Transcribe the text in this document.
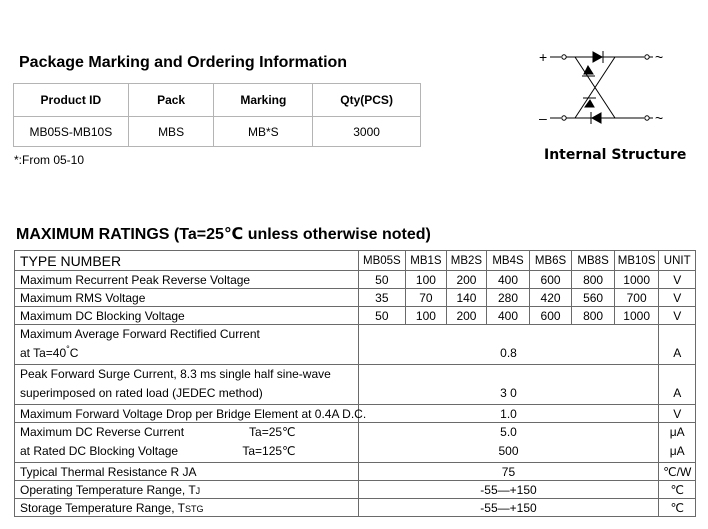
Package Marking and Ordering Information
Product ID	Pack	Marking	Qty(PCS)
MB05S-MB10S	MBS	MB*S	3000
*:From 05-10
+	~
–	~
Internal Structure
MAXIMUM RATINGS (Ta=25℃ unless otherwise noted)
TYPE NUMBER	MB05S	MB1S	MB2S	MB4S	MB6S	MB8S	MB10S	UNIT
Maximum Recurrent Peak Reverse Voltage	50	100	200	400	600	800	1000	V
Maximum RMS Voltage	35	70	140	280	420	560	700	V
Maximum DC Blocking Voltage	50	100	200	400	600	800	1000	V
Maximum Average Forward Rectified Current								
at Ta=40°C	0.8							A
Peak Forward Surge Current, 8.3 ms single half sine-wave								
superimposed on rated load (JEDEC method)	3 0							A
Maximum Forward Voltage Drop per Bridge Element at 0.4A D.C.	1.0							V

Maximum DC Reverse Current Ta=25℃	5.0							μA

at Rated DC Blocking Voltage Ta=125℃	500							μA
Typical Thermal Resistance R JA	75							℃/W
Operating Temperature Range, TJ	-55—+150							℃
Storage Temperature Range, TSTG	-55—+150							℃
